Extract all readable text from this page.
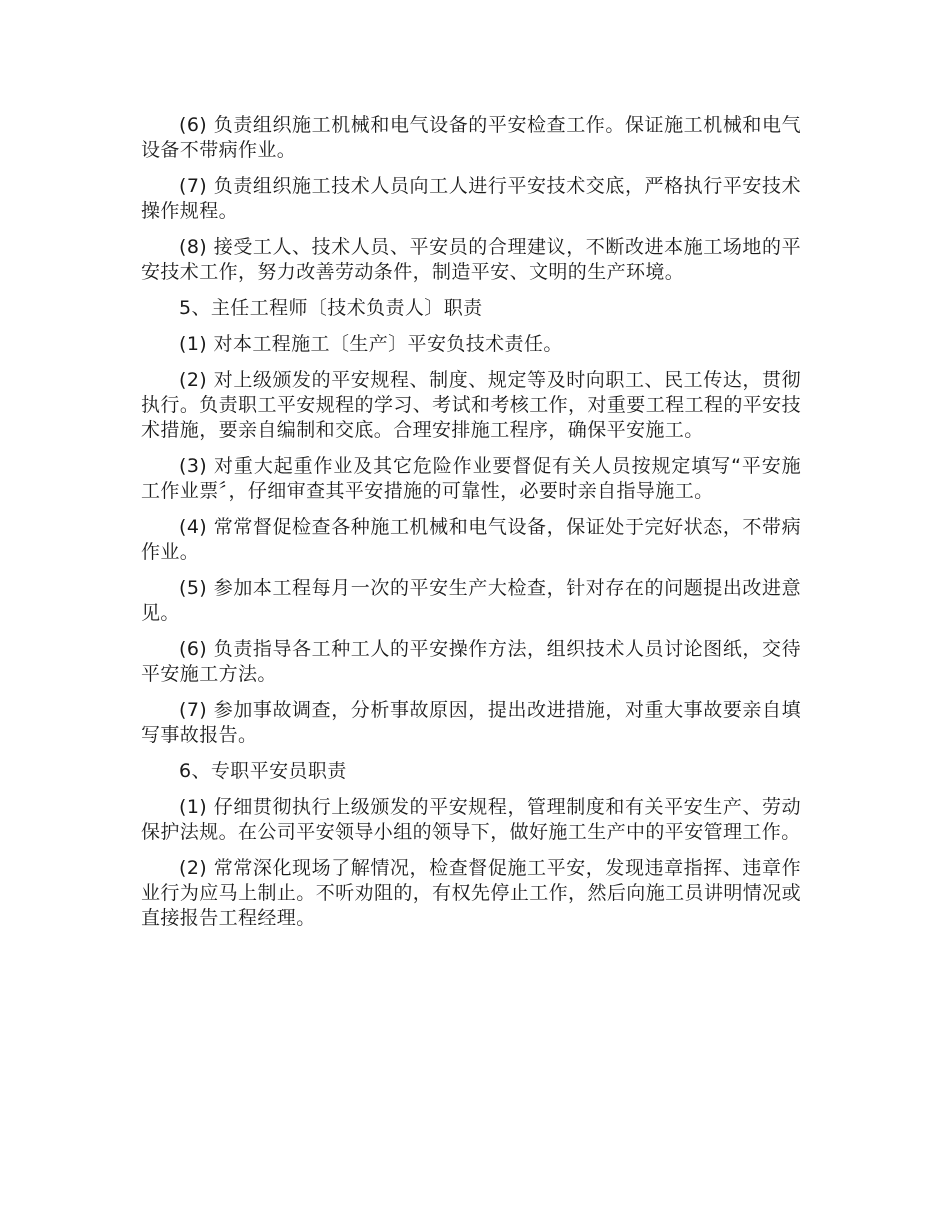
(6) 负责组织施工机械和电气设备的平安检查工作。保证施工机械和电气设备不带病作业。

(7) 负责组织施工技术人员向工人进行平安技术交底，严格执行平安技术操作规程。

(8) 接受工人、技术人员、平安员的合理建议，不断改进本施工场地的平安技术工作，努力改善劳动条件，制造平安、文明的生产环境。

5、主任工程师〔技术负责人〕职责

(1) 对本工程施工〔生产〕平安负技术责任。

(2) 对上级颁发的平安规程、制度、规定等及时向职工、民工传达，贯彻执行。负责职工平安规程的学习、考试和考核工作，对重要工程工程的平安技术措施，要亲自编制和交底。合理安排施工程序，确保平安施工。

(3) 对重大起重作业及其它危险作业要督促有关人员按规定填写“平安施工作业票〞，仔细审查其平安措施的可靠性，必要时亲自指导施工。

(4) 常常督促检查各种施工机械和电气设备，保证处于完好状态，不带病作业。

(5) 参加本工程每月一次的平安生产大检查，针对存在的问题提出改进意见。

(6) 负责指导各工种工人的平安操作方法，组织技术人员讨论图纸，交待平安施工方法。

(7) 参加事故调查，分析事故原因，提出改进措施，对重大事故要亲自填写事故报告。

6、专职平安员职责

(1) 仔细贯彻执行上级颁发的平安规程，管理制度和有关平安生产、劳动保护法规。在公司平安领导小组的领导下，做好施工生产中的平安管理工作。

(2) 常常深化现场了解情况，检查督促施工平安，发现违章指挥、违章作业行为应马上制止。不听劝阻的，有权先停止工作，然后向施工员讲明情况或直接报告工程经理。
